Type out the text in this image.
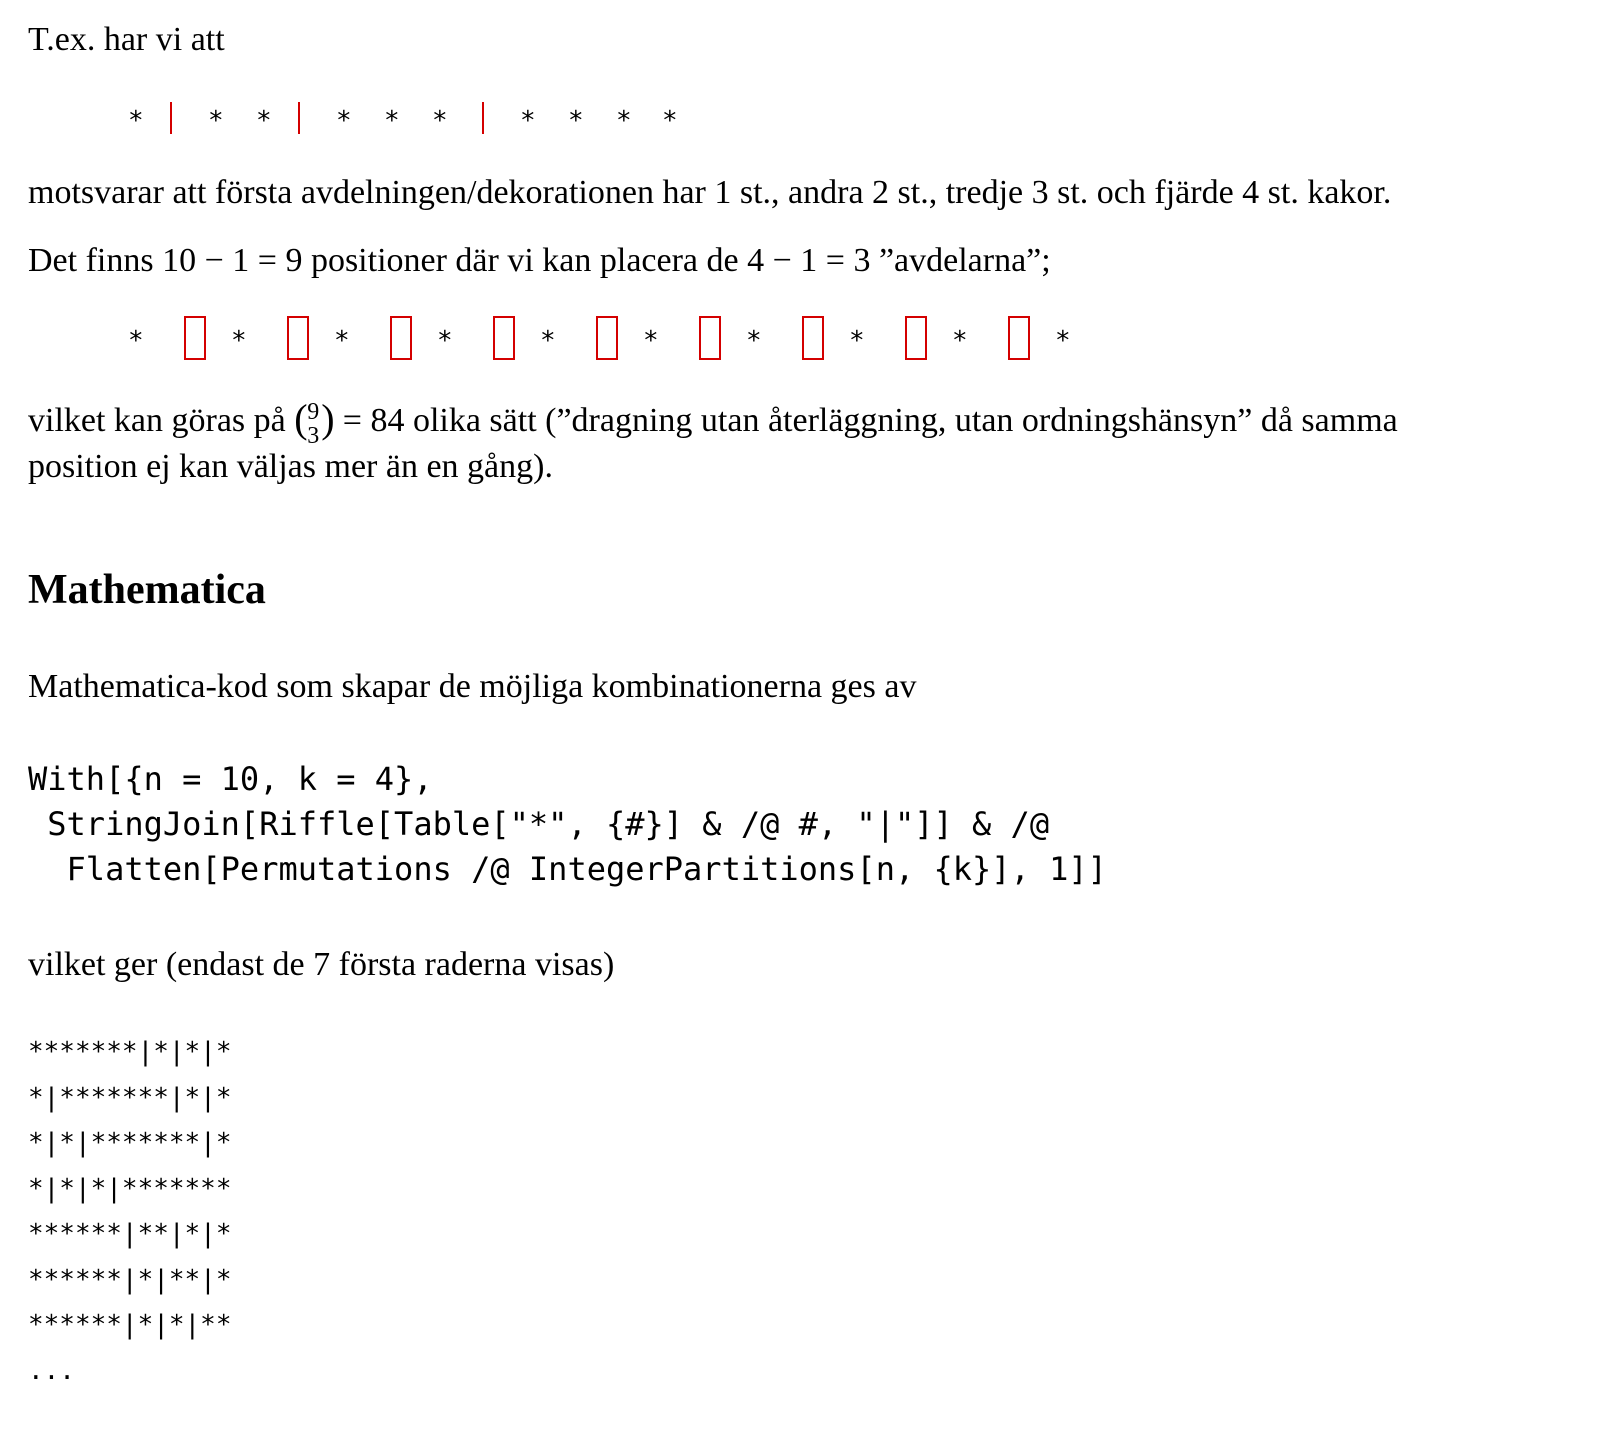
T.ex. har vi att
* * * * * *	* * * *
motsvarar att första avdelningen/dekorationen har 1 st., andra 2 st., tredje 3 st. och fjärde 4 st. kakor.
Det finns 10 − 1 = 9 positioner där vi kan placera de 4 − 1 = 3 ”avdelarna”;
*	*	*	*	*	*	*	*	*	*
vilket kan göras på ( 9
3 ) = 84 olika sätt (”dragning utan återläggning, utan ordningshänsyn” då samma
position ej kan väljas mer än en gång).
Mathematica
Mathematica-kod som skapar de möjliga kombinationerna ges av
With[{n = 10, k = 4},
StringJoin[Riffle[Table["*", {#}] & /@ #, "|"]] & /@
Flatten[Permutations /@ IntegerPartitions[n, {k}], 1]]
vilket ger (endast de 7 första raderna visas)
*******|*|*|*
*|*******|*|*
*|*|*******|*
*|*|*|*******
******|**|*|*
******|*|**|*
******|*|*|**
...
